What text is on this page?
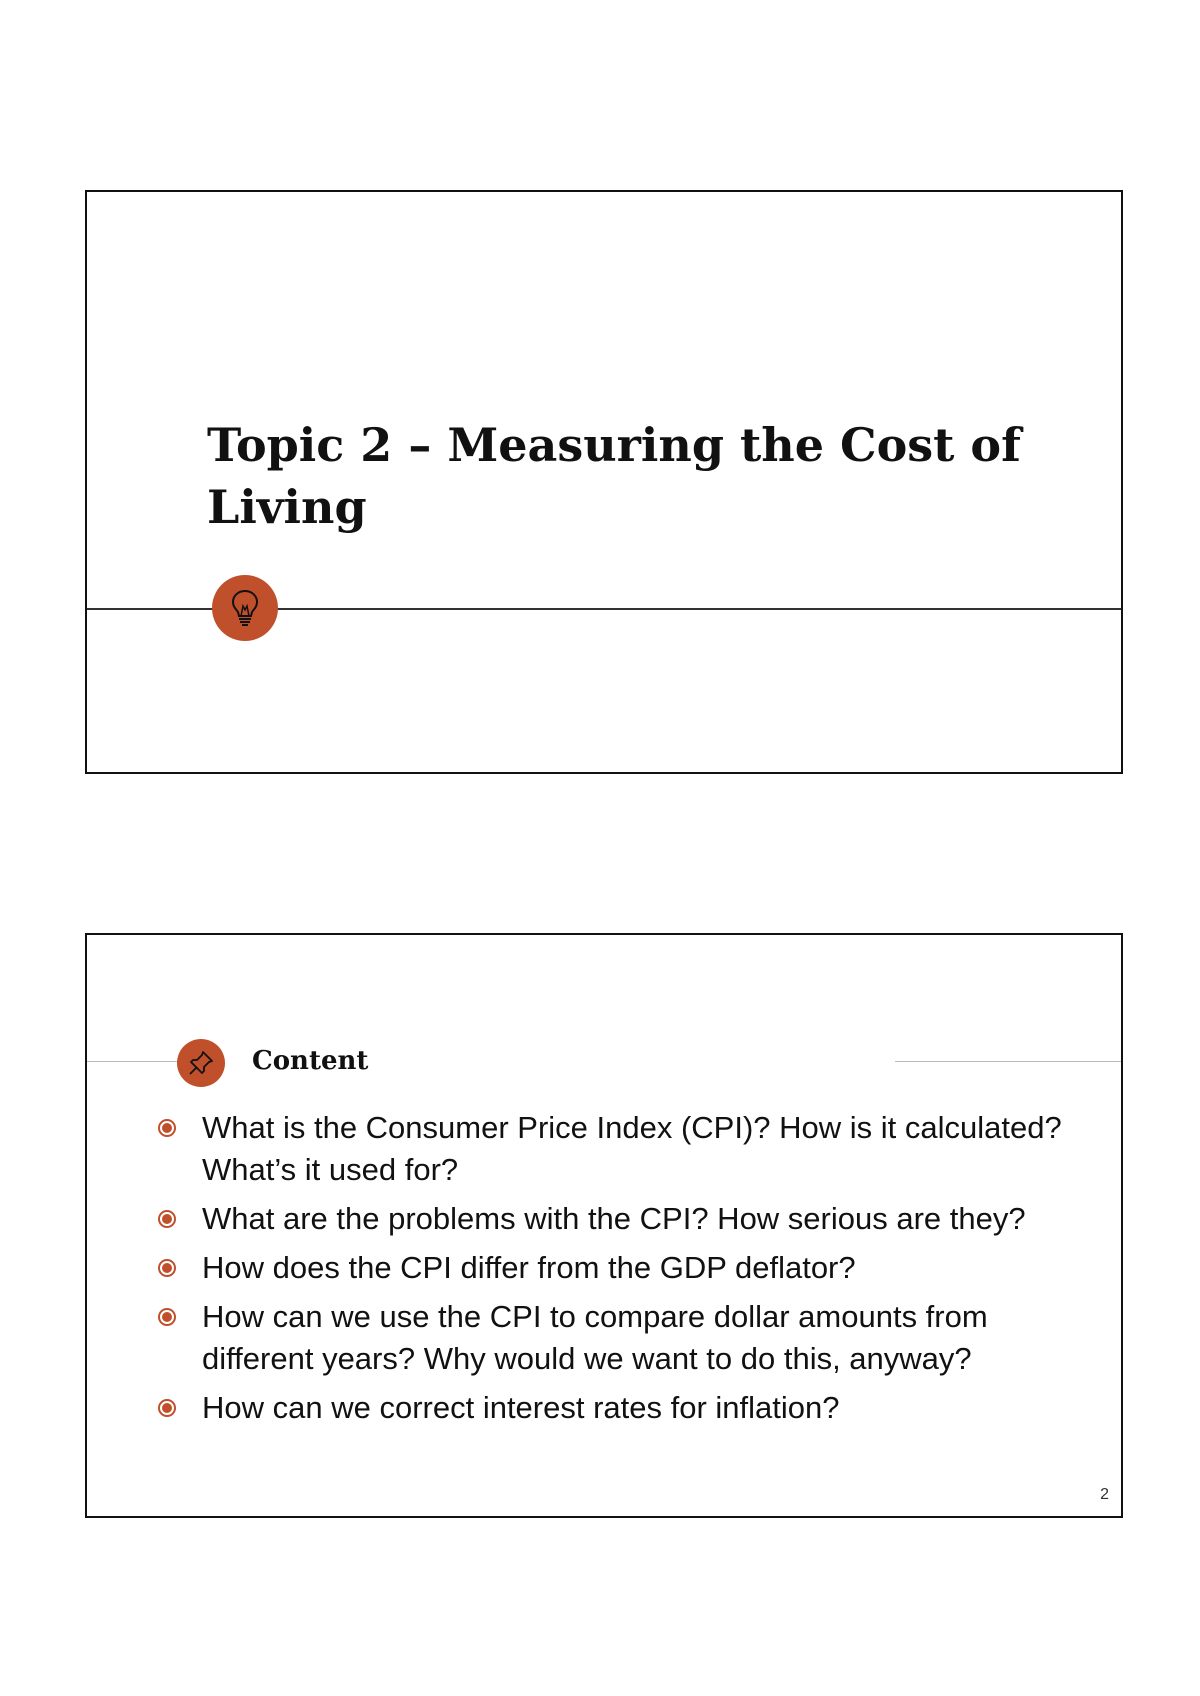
Topic 2 – Measuring the Cost of Living
Content
What is the Consumer Price Index (CPI)? How is it calculated? What’s it used for?
What are the problems with the CPI? How serious are they?
How does the CPI differ from the GDP deflator?
How can we use the CPI to compare dollar amounts from different years? Why would we want to do this, anyway?
How can we correct interest rates for inflation?
2
